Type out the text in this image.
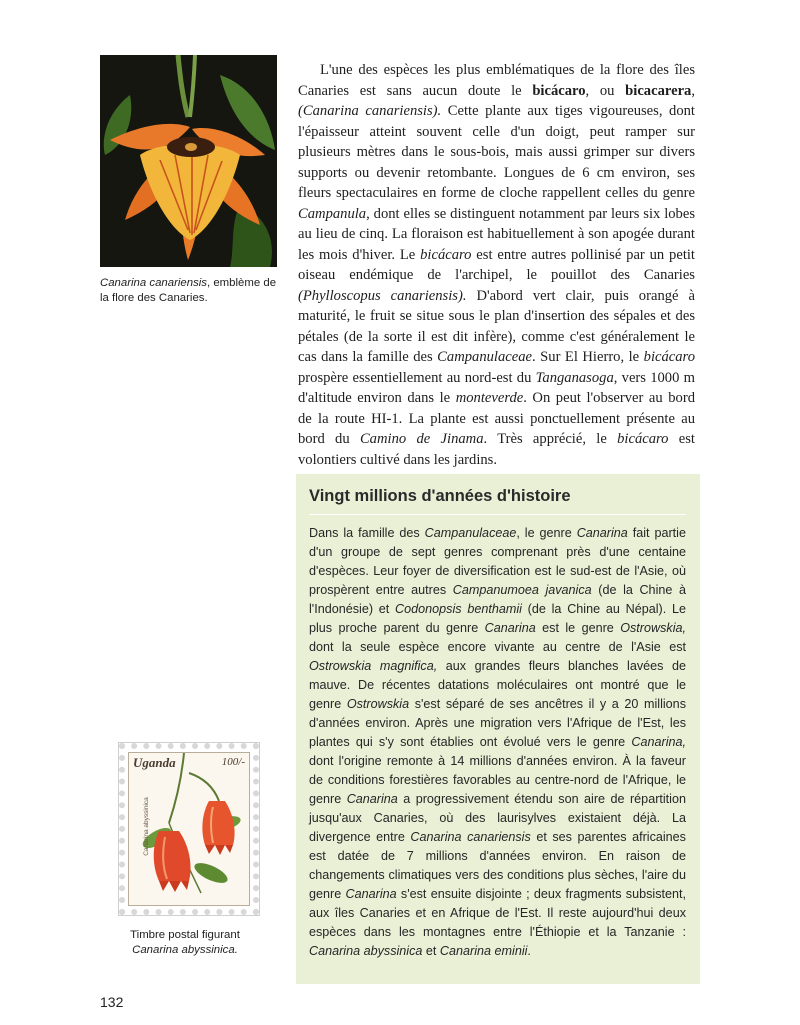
Canarina canariensis, emblème de la flore des Canaries.

L'une des espèces les plus emblématiques de la flore des îles Canaries est sans aucun doute le bicácaro, ou bicacarera, (Canarina canariensis). Cette plante aux tiges vigoureuses, dont l'épaisseur atteint souvent celle d'un doigt, peut ramper sur plusieurs mètres dans le sous-bois, mais aussi grimper sur divers supports ou devenir retombante. Longues de 6 cm environ, ses fleurs spectaculaires en forme de cloche rappellent celles du genre Campanula, dont elles se distinguent notamment par leurs six lobes au lieu de cinq. La floraison est habituellement à son apogée durant les mois d'hiver. Le bicácaro est entre autres pollinisé par un petit oiseau endémique de l'archipel, le pouillot des Canaries (Phylloscopus canariensis). D'abord vert clair, puis orangé à maturité, le fruit se situe sous le plan d'insertion des sépales et des pétales (de la sorte il est dit infère), comme c'est généralement le cas dans la famille des Campanulaceae. Sur El Hierro, le bicácaro prospère essentiellement au nord-est du Tanganasoga, vers 1000 m d'altitude environ dans le monteverde. On peut l'observer au bord de la route HI-1. La plante est aussi ponctuellement présente au bord du Camino de Jinama. Très apprécié, le bicácaro est volontiers cultivé dans les jardins.

Vingt millions d'années d'histoire

Dans la famille des Campanulaceae, le genre Canarina fait partie d'un groupe de sept genres comprenant près d'une centaine d'espèces. Leur foyer de diversification est le sud-est de l'Asie, où prospèrent entre autres Campanumoea javanica (de la Chine à l'Indonésie) et Codonopsis benthamii (de la Chine au Népal). Le plus proche parent du genre Canarina est le genre Ostrowskia, dont la seule espèce encore vivante au centre de l'Asie est Ostrowskia magnifica, aux grandes fleurs blanches lavées de mauve. De récentes datations moléculaires ont montré que le genre Ostrowskia s'est séparé de ses ancêtres il y a 20 millions d'années environ. Après une migration vers l'Afrique de l'Est, les plantes qui s'y sont établies ont évolué vers le genre Canarina, dont l'origine remonte à 14 millions d'années environ. À la faveur de conditions forestières favorables au centre-nord de l'Afrique, le genre Canarina a progressivement étendu son aire de répartition jusqu'aux Canaries, où des laurisylves existaient déjà. La divergence entre Canarina canariensis et ses parentes africaines est datée de 7 millions d'années environ. En raison de changements climatiques vers des conditions plus sèches, l'aire du genre Canarina s'est ensuite disjointe ; deux fragments subsistent, aux îles Canaries et en Afrique de l'Est. Il reste aujourd'hui deux espèces dans les montagnes entre l'Éthiopie et la Tanzanie : Canarina abyssinica et Canarina eminii.

Uganda	100/-
Canarina abyssinica
Timbre postal figurant
Canarina abyssinica.
132
